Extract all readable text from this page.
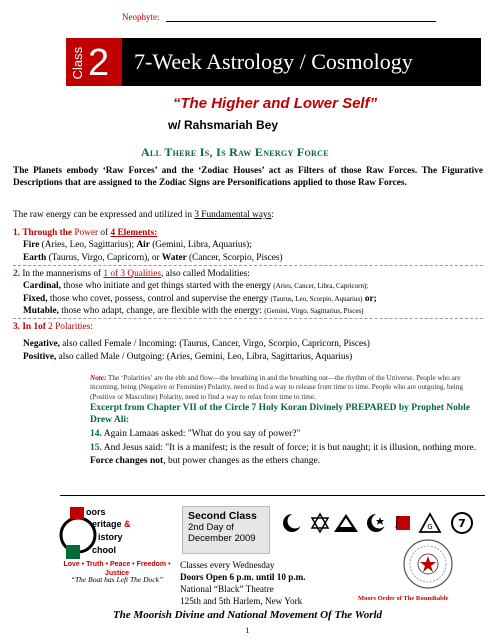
Neophyte:
Class 2 7-Week Astrology / Cosmology
“The Higher and Lower Self”
w/ Rahsmariah Bey
All There Is, Is Raw Energy Force

The Planets embody ‘Raw Forces’ and the ‘Zodiac Houses’ act as Filters of those Raw Forces. The Figurative Descriptions that are assigned to the Zodiac Signs are Personifications applied to those Raw Forces.

The raw energy can be expressed and utilized in 3 Fundamental ways:

1. Through the Power of 4 Elements:
Fire (Aries, Leo, Sagittarius); Air (Gemini, Libra, Aquarius);
Earth (Taurus, Virgo, Capricorn), or Water (Cancer, Scorpio, Pisces)
2. In the mannerisms of 1 of 3 Qualities, also called Modalities:
Cardinal, those who initiate and get things started with the energy (Aries, Cancer, Libra, Capricorn);
Fixed, those who covet, possess, control and supervise the energy (Taurus, Leo, Scorpio, Aquarius) or;
Mutable, those who adapt, change, are flexible with the energy: (Gemini, Virgo, Sagittarius, Pisces)
3. In 1of 2 Polarities:
Negative, also called Female / Incoming: (Taurus, Cancer, Virgo, Scorpio, Capricorn, Pisces)
Positive, also called Male / Outgoing: (Aries, Gemini, Leo, Libra, Sagittarius, Aquarius)

Note: The ‘Polarities’ are the ebb and flow—the breathing in and the breathing out—the rhythm of the Universe. People who are incoming, being (Negative or Feminine) Polarity, need to find a way to release from time to time. People who are outgoing, being (Positive or Masculine) Polarity, need to find a way to relax from time to time.

Excerpt from Chapter VII of the Circle 7 Holy Koran Divinely PREPARED by Prophet Noble Drew Ali:

14. Again Lamaas asked: "What do you say of power?"
15. And Jesus said: "It is a manifest; is the result of force; it is but naught; it is illusion, nothing more. Force changes not, but power changes as the ethers change.
oors
eritage &
istory
chool
Love • Truth • Peace • Freedom • Justice
“The Boat has Left The Dock”
Second Class
2nd Day of
December 2009
G 7
Classes every Wednesday
Doors Open 6 p.m. until 10 p.m.
National “Black” Theatre
125th and 5th Harlem, New York	Moors Order of The Roundtable
The Moorish Divine and National Movement Of The World
1
